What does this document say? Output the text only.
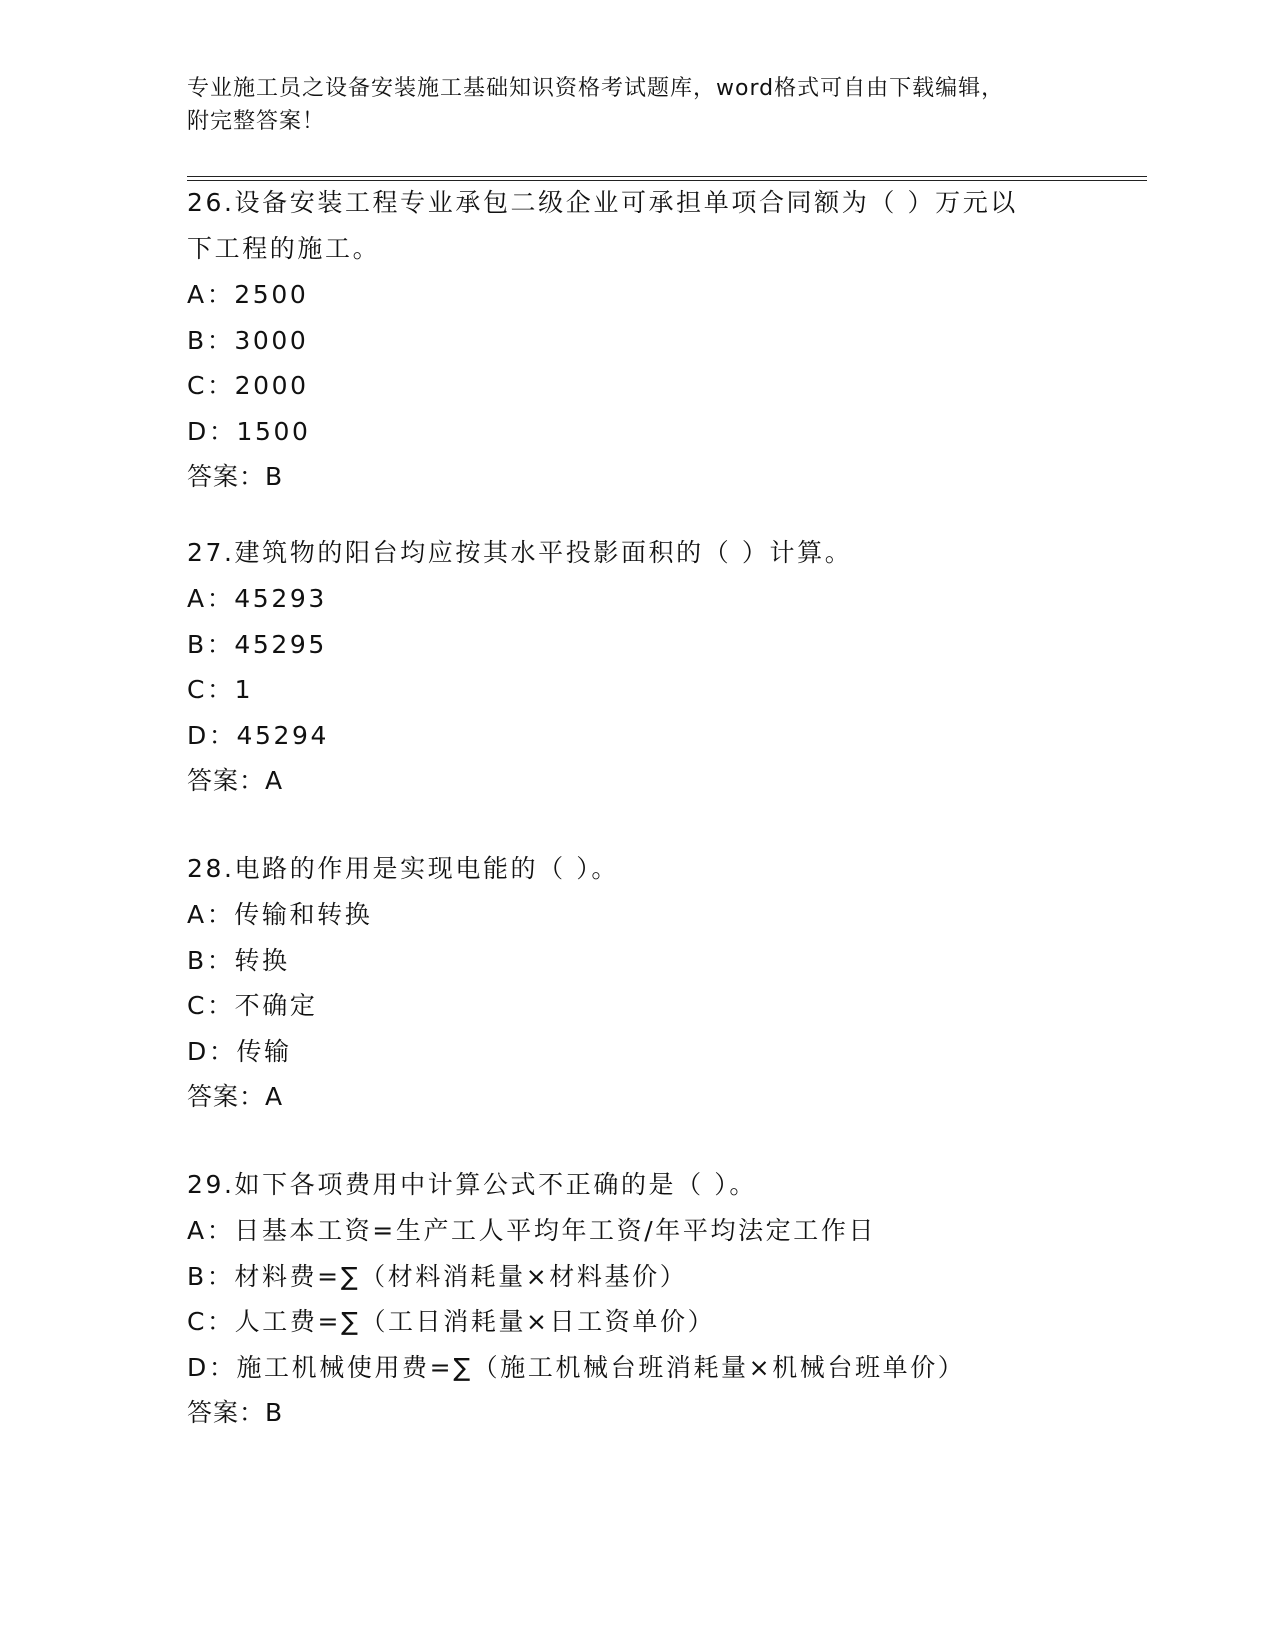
专业施工员之设备安装施工基础知识资格考试题库，word格式可自由下载编辑，
附完整答案！

26.设备安装工程专业承包二级企业可承担单项合同额为（ ）万元以
下工程的施工。

A：2500

B：3000

C：2000

D：1500

答案：B

27.建筑物的阳台均应按其水平投影面积的（ ）计算。

A：45293

B：45295

C：1

D：45294

答案：A

28.电路的作用是实现电能的（ ）。

A：传输和转换

B：转换

C：不确定

D：传输

答案：A

29.如下各项费用中计算公式不正确的是（ ）。

A：日基本工资=生产工人平均年工资/年平均法定工作日

B：材料费=∑（材料消耗量×材料基价）

C：人工费=∑（工日消耗量×日工资单价）

D：施工机械使用费=∑（施工机械台班消耗量×机械台班单价）

答案：B
